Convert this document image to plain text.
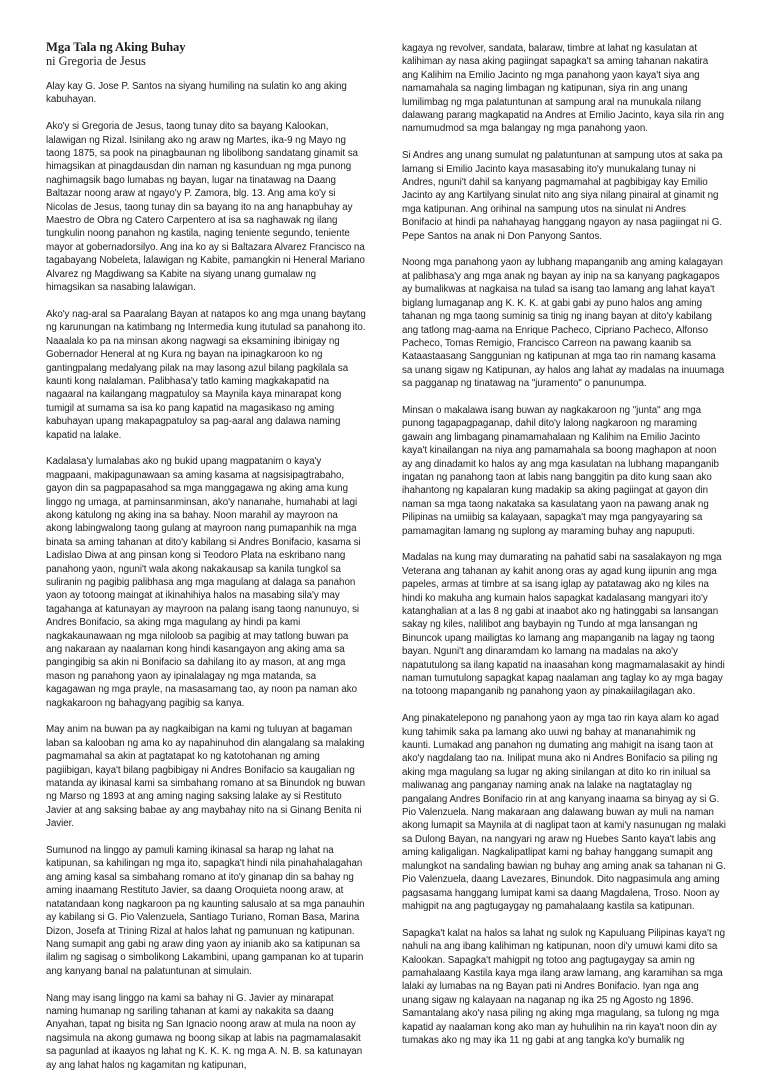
Mga Tala ng Aking Buhay
ni Gregoria de Jesus

Alay kay G. Jose P. Santos na siyang humiling na sulatin ko ang aking kabuhayan.

Ako'y si Gregoria de Jesus, taong tunay dito sa bayang Kalookan, lalawigan ng Rizal. Isinilang ako ng araw ng Martes, ika-9 ng Mayo ng taong 1875, sa pook na pinagbaunan ng libolibong sandatang ginamit sa himagsikan at pinagdausdan din naman ng kasunduan ng mga punong naghimagsik bago lumabas ng bayan, lugar na tinatawag na Daang Baltazar noong araw at ngayo'y P. Zamora, blg. 13. Ang ama ko'y si Nicolas de Jesus, taong tunay din sa bayang ito na ang hanapbuhay ay Maestro de Obra ng Catero Carpentero at isa sa naghawak ng ilang tungkulin noong panahon ng kastila, naging teniente segundo, teniente mayor at gobernadorsilyo. Ang ina ko ay si Baltazara Alvarez Francisco na tagabayang Nobeleta, lalawigan ng Kabite, pamangkin ni Heneral Mariano Alvarez ng Magdiwang sa Kabite na siyang unang gumalaw ng himagsikan sa nasabing lalawigan.

Ako'y nag-aral sa Paaralang Bayan at natapos ko ang mga unang baytang ng karunungan na katimbang ng Intermedia kung itutulad sa panahong ito. Naaalala ko pa na minsan akong nagwagi sa eksamining ibinigay ng Gobernador Heneral at ng Kura ng bayan na ipinagkaroon ko ng gantingpalang medalyang pilak na may lasong azul bilang pagkilala sa kaunti kong nalalaman. Palibhasa'y tatlo kaming magkakapatid na nagaaral na kailangang magpatuloy sa Maynila kaya minarapat kong tumigil at sumama sa isa ko pang kapatid na magasikaso ng aming kabuhayan upang makapagpatuloy sa pag-aaral ang dalawa naming kapatid na lalake.

Kadalasa'y lumalabas ako ng bukid upang magpatanim o kaya'y magpaani, makipagunawaan sa aming kasama at nagsisipagtrabaho, gayon din sa pagpapasahod sa mga manggagawa ng aking ama kung linggo ng umaga, at paminsanminsan, ako'y nananahe, humahabi at lagi akong katulong ng aking ina sa bahay. Noon marahil ay mayroon na akong labingwalong taong gulang at mayroon nang pumapanhik na mga binata sa aming tahanan at dito'y kabilang si Andres Bonifacio, kasama si Ladislao Diwa at ang pinsan kong si Teodoro Plata na eskribano nang panahong yaon, nguni't wala akong nakakausap sa kanila tungkol sa suliranin ng pagibig palibhasa ang mga magulang at dalaga sa panahon yaon ay totoong maingat at ikinahihiya halos na masabing sila'y may tagahanga at katunayan ay mayroon na palang isang taong nanunuyo, si Andres Bonifacio, sa aking mga magulang ay hindi pa kami nagkakaunawaan ng mga niloloob sa pagibig at may tatlong buwan pa ang nakaraan ay naalaman kong hindi kasangayon ang aking ama sa pangingibig sa akin ni Bonifacio sa dahilang ito ay mason, at ang mga mason ng panahong yaon ay ipinalalagay ng mga matanda, sa kagagawan ng mga prayle, na masasamang tao, ay noon pa naman ako nagkakaroon ng bahagyang pagibig sa kanya.

May anim na buwan pa ay nagkaibigan na kami ng tuluyan at bagaman laban sa kalooban ng ama ko ay napahinuhod din alangalang sa malaking pagmamahal sa akin at pagtatapat ko ng katotohanan ng aming pagiibigan, kaya't bilang pagbibigay ni Andres Bonifacio sa kaugalian ng matanda ay ikinasal kami sa simbahang romano at sa Binundok ng buwan ng Marso ng 1893 at ang aming naging saksing lalake ay si Restituto Javier at ang saksing babae ay ang maybahay nito na si Ginang Benita ni Javier.

Sumunod na linggo ay pamuli kaming ikinasal sa harap ng lahat na katipunan, sa kahilingan ng mga ito, sapagka't hindi nila pinahahalagahan ang aming kasal sa simbahang romano at ito'y ginanap din sa bahay ng aming inaamang Restituto Javier, sa daang Oroquieta noong araw, at natatandaan kong nagkaroon pa ng kaunting salusalo at sa mga panauhin ay kabilang si G. Pio Valenzuela, Santiago Turiano, Roman Basa, Marina Dizon, Josefa at Trining Rizal at halos lahat ng pamunuan ng katipunan. Nang sumapit ang gabi ng araw ding yaon ay inianib ako sa katipunan sa ilalim ng sagisag o simbolikong Lakambini, upang gampanan ko at tuparin ang kanyang banal na palatuntunan at simulain.

Nang may isang linggo na kami sa bahay ni G. Javier ay minarapat naming humanap ng sariling tahanan at kami ay nakakita sa daang Anyahan, tapat ng bisita ng San Ignacio noong araw at mula na noon ay nagsimula na akong gumawa ng boong sikap at labis na pagmamalasakit sa pagunlad at ikaayos ng lahat ng K. K. K. ng mga A. N. B. sa katunayan ay ang lahat halos ng kagamitan ng katipunan,

kagaya ng revolver, sandata, balaraw, timbre at lahat ng kasulatan at kalihiman ay nasa aking pagiingat sapagka't sa aming tahanan nakatira ang Kalihim na Emilio Jacinto ng mga panahong yaon kaya't siya ang namamahala sa naging limbagan ng katipunan, siya rin ang unang lumilimbag ng mga palatuntunan at sampung aral na munukala nilang dalawang parang magkapatid na Andres at Emilio Jacinto, kaya sila rin ang namumudmod sa mga balangay ng mga panahong yaon.

Si Andres ang unang sumulat ng palatuntunan at sampung utos at saka pa lamang si Emilio Jacinto kaya masasabing ito'y munukalang tunay ni Andres, nguni't dahil sa kanyang pagmamahal at pagbibigay kay Emilio Jacinto ay ang Kartilyang sinulat nito ang siya nilang pinairal at ginamit ng mga katipunan. Ang orihinal na sampung utos na sinulat ni Andres Bonifacio at hindi pa nahahayag hanggang ngayon ay nasa pagiingat ni G. Pepe Santos na anak ni Don Panyong Santos.

Noong mga panahong yaon ay lubhang mapanganib ang aming kalagayan at palibhasa'y ang mga anak ng bayan ay inip na sa kanyang pagkagapos ay bumalikwas at nagkaisa na tulad sa isang tao lamang ang lahat kaya't biglang lumaganap ang K. K. K. at gabi gabi ay puno halos ang aming tahanan ng mga taong suminig sa tinig ng inang bayan at dito'y kabilang ang tatlong mag-aama na Enrique Pacheco, Cipriano Pacheco, Alfonso Pacheco, Tomas Remigio, Francisco Carreon na pawang kaanib sa Kataastaasang Sanggunian ng katipunan at mga tao rin namang kasama sa unang sigaw ng Katipunan, ay halos ang lahat ay madalas na inuumaga sa pagganap ng tinatawag na "juramento" o panunumpa.

Minsan o makalawa isang buwan ay nagkakaroon ng "junta" ang mga punong tagapagpaganap, dahil dito'y lalong nagkaroon ng maraming gawain ang limbagang pinamamahalaan ng Kalihim na Emilio Jacinto kaya't kinailangan na niya ang pamamahala sa boong maghapon at noon ay ang dinadamit ko halos ay ang mga kasulatan na lubhang mapanganib ingatan ng panahong taon at labis nang banggitin pa dito kung saan ako ihahantong ng kapalaran kung madakip sa aking pagiingat at gayon din naman sa mga taong nakataka sa kasulatang yaon na pawang anak ng Pilipinas na umiibig sa kalayaan, sapagka't may mga pangyayaring sa pamamagitan lamang ng suplong ay maraming buhay ang napuputi.

Madalas na kung may dumarating na pahatid sabi na sasalakayon ng mga Veterana ang tahanan ay kahit anong oras ay agad kung iipunin ang mga papeles, armas at timbre at sa isang iglap ay patatawag ako ng kiles na hindi ko makuha ang kumain halos sapagkat kadalasang mangyari ito'y katanghalian at a las 8 ng gabi at inaabot ako ng hatinggabi sa lansangan sakay ng kiles, nalilibot ang baybayin ng Tundo at mga lansangan ng Binuncok upang mailigtas ko lamang ang mapanganib na lagay ng taong bayan. Nguni't ang dinaramdam ko lamang na madalas na ako'y napatutulong sa ilang kapatid na inaasahan kong magmamalasakit ay hindi naman tumutulong sapagkat kapag naalaman ang taglay ko ay mga bagay na totoong mapanganib ng panahong yaon ay pinakaiilagilagan ako.

Ang pinakatelepono ng panahong yaon ay mga tao rin kaya alam ko agad kung tahimik saka pa lamang ako uuwi ng bahay at mananahimik ng kaunti. Lumakad ang panahon ng dumating ang mahigit na isang taon at ako'y nagdalang tao na. Inilipat muna ako ni Andres Bonifacio sa piling ng aking mga magulang sa lugar ng aking sinilangan at dito ko rin inilual sa maliwanag ang panganay naming anak na lalake na nagtataglay ng pangalang Andres Bonifacio rin at ang kanyang inaama sa binyag ay si G. Pio Valenzuela. Nang makaraan ang dalawang buwan ay muli na naman akong lumapit sa Maynila at di naglipat taon at kami'y nasunugan ng malaki sa Dulong Bayan, na nangyari ng araw ng Huebes Santo kaya't labis ang aming kaligaligan. Nagkalipatlipat kami ng bahay hanggang sumapit ang malungkot na sandaling bawian ng buhay ang aming anak sa tahanan ni G. Pio Valenzuela, daang Lavezares, Binundok. Dito nagpasimula ang aming pagsasama hanggang lumipat kami sa daang Magdalena, Troso. Noon ay mahigpit na ang pagtugaygay ng pamahalaang kastila sa katipunan.

Sapagka't kalat na halos sa lahat ng sulok ng Kapuluang Pilipinas kaya't ng nahuli na ang ibang kalihiman ng katipunan, noon di'y umuwi kami dito sa Kalookan. Sapagka't mahigpit ng totoo ang pagtugaygay sa amin ng pamahalaang Kastila kaya mga ilang araw lamang, ang karamihan sa mga lalaki ay lumabas na ng Bayan pati ni Andres Bonifacio. Iyan nga ang unang sigaw ng kalayaan na naganap ng ika 25 ng Agosto ng 1896. Samantalang ako'y nasa piling ng aking mga magulang, sa tulong ng mga kapatid ay naalaman kong ako man ay huhulihin na rin kaya't noon din ay tumakas ako ng may ika 11 ng gabi at ang tangka ko'y bumalik ng
